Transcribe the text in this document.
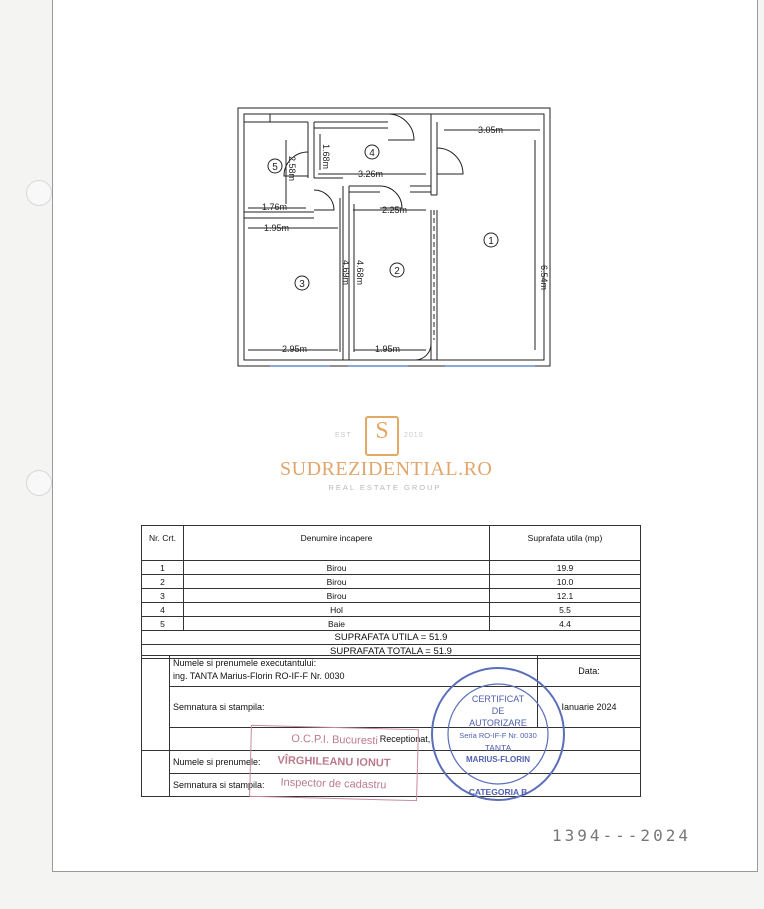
3.05m
6.54m
3.26m
1.68m
1.76m
2.58m
1.95m
4.69m
2.95m
2.25m
4.68m
1.95m
1
2
3
4
5
S
EST	2010
SUDREZIDENTIAL.RO
REAL ESTATE GROUP
Nr. Crt.	Denumire incapere	Suprafata utila (mp)
1	Birou	19.9
2	Birou	10.0
3	Birou	12.1
4	Hol	5.5
5	Baie	4.4
SUPRAFATA UTILA = 51.9		
SUPRAFATA TOTALA = 51.9		

	Numele si prenumele executantului:
ing. TANTA Marius-Florin RO-IF-F Nr. 0030	Data:
	Semnatura si stampila:	Ianuarie 2024
	Receptionat,	
	Numele si prenumele:	
	Semnatura si stampila:	
O.C.P.I. Bucuresti
VÎRGHILEANU IONUT
Inspector de cadastru
CERTIFICAT
DE
AUTORIZARE
Seria RO-IF-F Nr. 0030
TANTA
MARIUS-FLORIN
CATEGORIA B
1394---2024
